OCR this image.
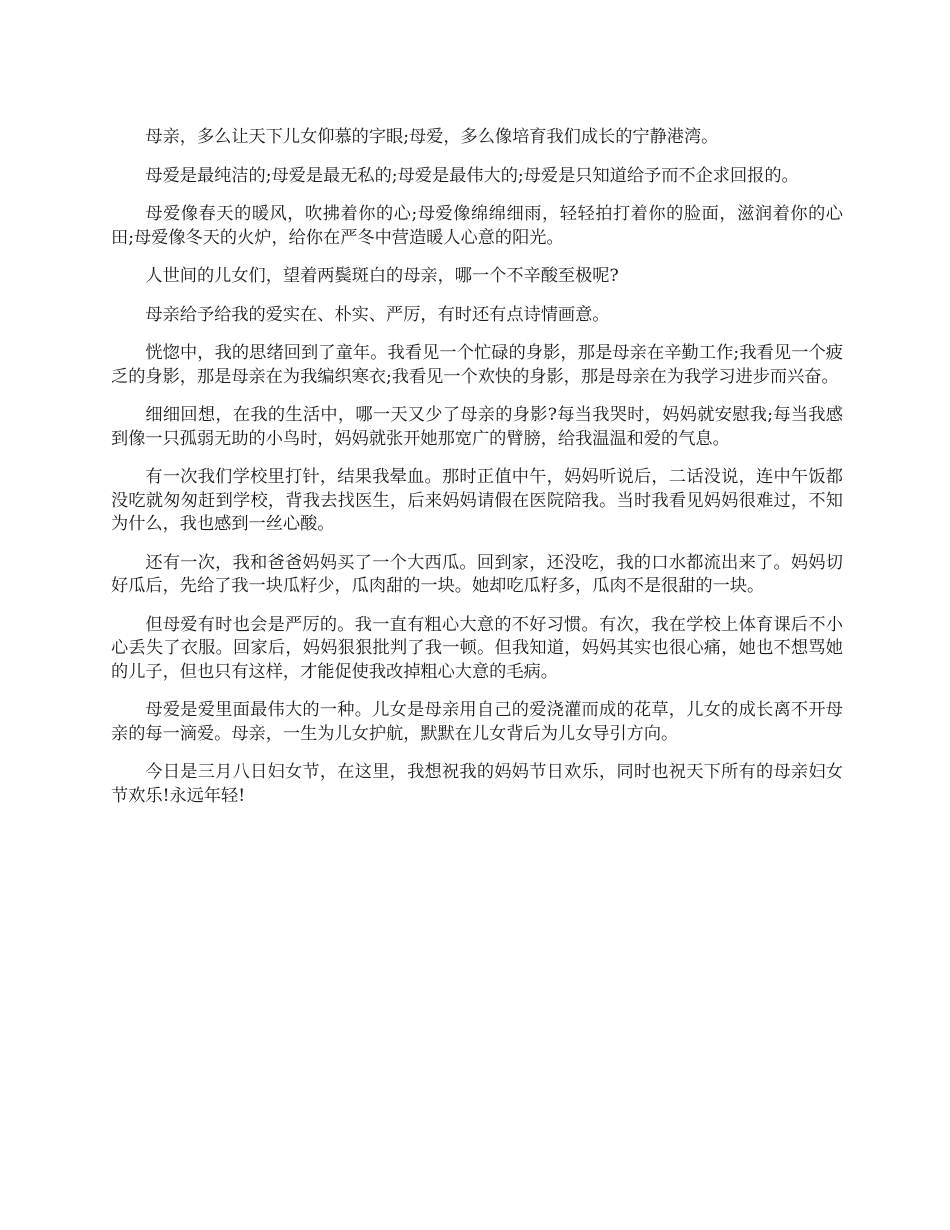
母亲，多么让天下儿女仰慕的字眼;母爱，多么像培育我们成长的宁静港湾。

母爱是最纯洁的;母爱是最无私的;母爱是最伟大的;母爱是只知道给予而不企求回报的。

母爱像春天的暖风，吹拂着你的心;母爱像绵绵细雨，轻轻拍打着你的脸面，滋润着你的心田;母爱像冬天的火炉，给你在严冬中营造暖人心意的阳光。

人世间的儿女们，望着两鬓斑白的母亲，哪一个不辛酸至极呢?

母亲给予给我的爱实在、朴实、严厉，有时还有点诗情画意。

恍惚中，我的思绪回到了童年。我看见一个忙碌的身影，那是母亲在辛勤工作;我看见一个疲乏的身影，那是母亲在为我编织寒衣;我看见一个欢快的身影，那是母亲在为我学习进步而兴奋。

细细回想，在我的生活中，哪一天又少了母亲的身影?每当我哭时，妈妈就安慰我;每当我感到像一只孤弱无助的小鸟时，妈妈就张开她那宽广的臂膀，给我温温和爱的气息。

有一次我们学校里打针，结果我晕血。那时正值中午，妈妈听说后，二话没说，连中午饭都没吃就匆匆赶到学校，背我去找医生，后来妈妈请假在医院陪我。当时我看见妈妈很难过，不知为什么，我也感到一丝心酸。

还有一次，我和爸爸妈妈买了一个大西瓜。回到家，还没吃，我的口水都流出来了。妈妈切好瓜后，先给了我一块瓜籽少，瓜肉甜的一块。她却吃瓜籽多，瓜肉不是很甜的一块。

但母爱有时也会是严厉的。我一直有粗心大意的不好习惯。有次，我在学校上体育课后不小心丢失了衣服。回家后，妈妈狠狠批判了我一顿。但我知道，妈妈其实也很心痛，她也不想骂她的儿子，但也只有这样，才能促使我改掉粗心大意的毛病。

母爱是爱里面最伟大的一种。儿女是母亲用自己的爱浇灌而成的花草，儿女的成长离不开母亲的每一滴爱。母亲，一生为儿女护航，默默在儿女背后为儿女导引方向。

今日是三月八日妇女节，在这里，我想祝我的妈妈节日欢乐，同时也祝天下所有的母亲妇女节欢乐!永远年轻!
